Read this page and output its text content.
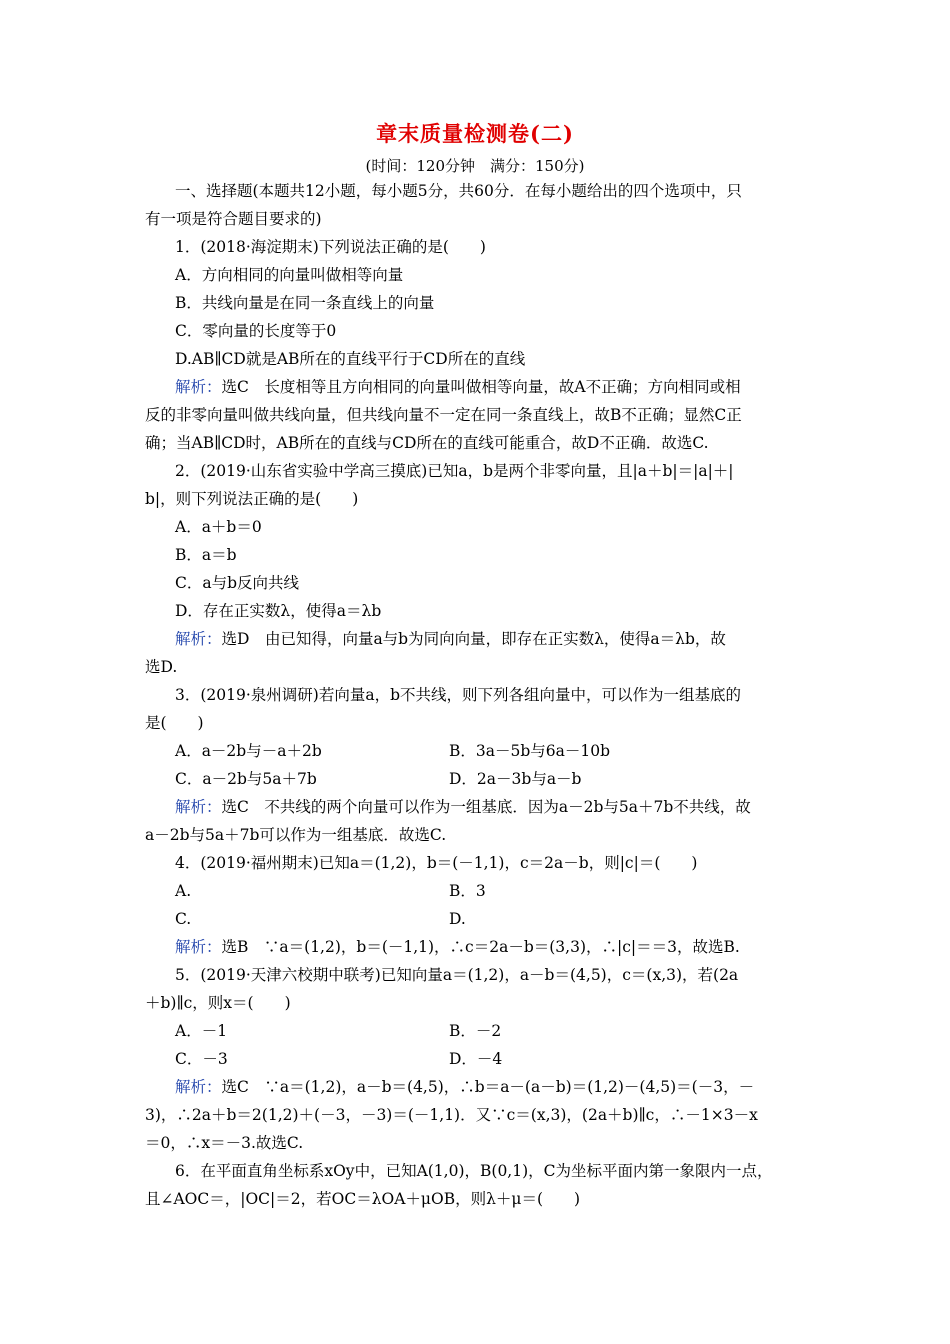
章末质量检测卷(二)
(时间：120分钟　满分：150分)
一、选择题(本题共12小题，每小题5分，共60分．在每小题给出的四个选项中，只
有一项是符合题目要求的)
1．(2018·海淀期末)下列说法正确的是(　　)
A．方向相同的向量叫做相等向量
B．共线向量是在同一条直线上的向量
C．零向量的长度等于0
D.AB∥CD就是AB所在的直线平行于CD所在的直线
解析：选C　长度相等且方向相同的向量叫做相等向量，故A不正确；方向相同或相
反的非零向量叫做共线向量，但共线向量不一定在同一条直线上，故B不正确；显然C正
确；当AB∥CD时，AB所在的直线与CD所在的直线可能重合，故D不正确．故选C.
2．(2019·山东省实验中学高三摸底)已知a，b是两个非零向量，且|a＋b|＝|a|＋|
b|，则下列说法正确的是(　　)
A．a＋b＝0
B．a＝b
C．a与b反向共线
D．存在正实数λ，使得a＝λb
解析：选D　由已知得，向量a与b为同向向量，即存在正实数λ，使得a＝λb，故
选D.
3．(2019·泉州调研)若向量a，b不共线，则下列各组向量中，可以作为一组基底的
是(　　)
A．a－2b与－a＋2b	B．3a－5b与6a－10b
C．a－2b与5a＋7b	D．2a－3b与a－b
解析：选C　不共线的两个向量可以作为一组基底．因为a－2b与5a＋7b不共线，故
a－2b与5a＋7b可以作为一组基底．故选C.
4．(2019·福州期末)已知a＝(1,2)，b＝(－1,1)，c＝2a－b，则|c|＝(　　)
A.	B．3
C.	D.
解析：选B　∵a＝(1,2)，b＝(－1,1)，∴c＝2a－b＝(3,3)，∴|c|＝＝3，故选B.
5．(2019·天津六校期中联考)已知向量a＝(1,2)，a－b＝(4,5)，c＝(x,3)，若(2a
＋b)∥c，则x＝(　　)
A．－1	B．－2
C．－3	D．－4
解析：选C　∵a＝(1,2)，a－b＝(4,5)，∴b＝a－(a－b)＝(1,2)－(4,5)＝(－3，－
3)，∴2a＋b＝2(1,2)＋(－3，－3)＝(－1,1)．又∵c＝(x,3)，(2a＋b)∥c，∴－1×3－x
＝0，∴x＝－3.故选C.
6．在平面直角坐标系xOy中，已知A(1,0)，B(0,1)，C为坐标平面内第一象限内一点，
且∠AOC＝，|OC|＝2，若OC＝λOA＋μOB，则λ＋μ＝(　　)
